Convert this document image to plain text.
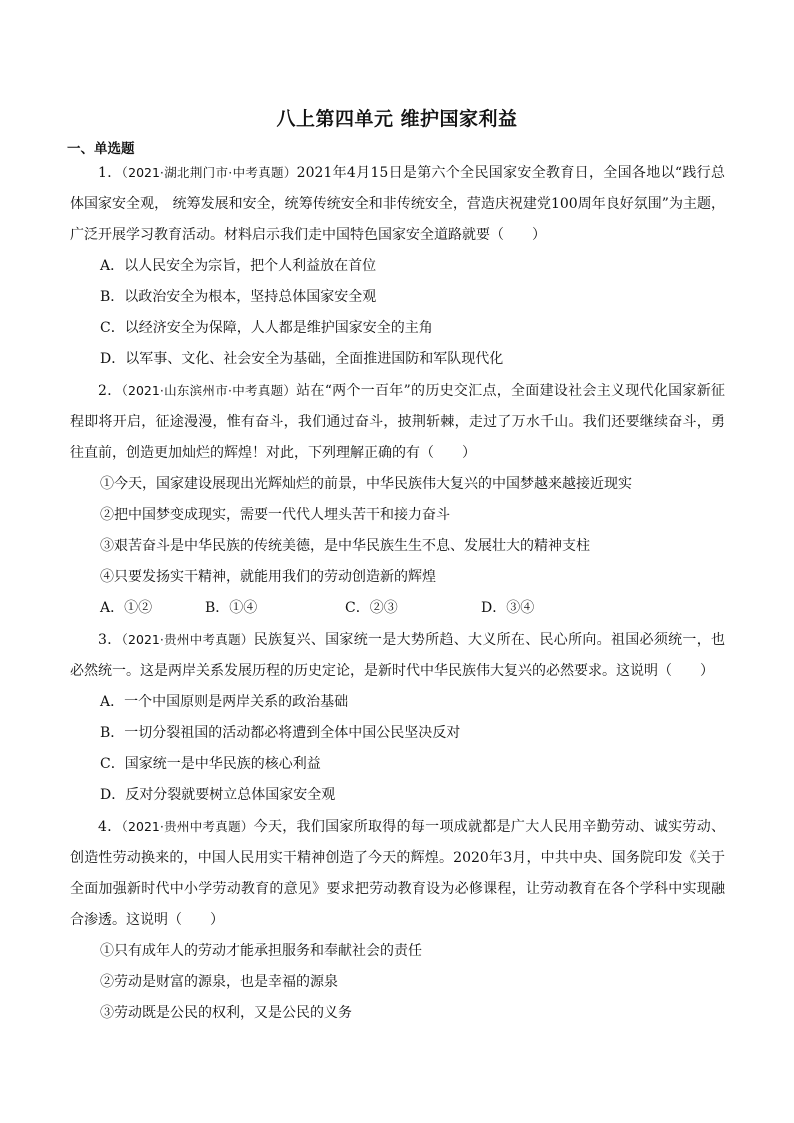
八上第四单元 维护国家利益
一、单选题

1．（2021·湖北荆门市·中考真题）2021年4月15日是第六个全民国家安全教育日，全国各地以“践行总体国家安全观， 统筹发展和安全，统筹传统安全和非传统安全，营造庆祝建党100周年良好氛围”为主题，广泛开展学习教育活动。材料启示我们走中国特色国家安全道路就要（　　）

A．以人民安全为宗旨，把个人利益放在首位

B．以政治安全为根本，坚持总体国家安全观

C．以经济安全为保障，人人都是维护国家安全的主角

D．以军事、文化、社会安全为基础，全面推进国防和军队现代化

2．（2021·山东滨州市·中考真题）站在“两个一百年”的历史交汇点，全面建设社会主义现代化国家新征程即将开启，征途漫漫，惟有奋斗，我们通过奋斗，披荆斩棘，走过了万水千山。我们还要继续奋斗，勇往直前，创造更加灿烂的辉煌！对此，下列理解正确的有（　　）

①今天，国家建设展现出光辉灿烂的前景，中华民族伟大复兴的中国梦越来越接近现实

②把中国梦变成现实，需要一代代人埋头苦干和接力奋斗

③艰苦奋斗是中华民族的传统美德，是中华民族生生不息、发展壮大的精神支柱

④只要发扬实干精神，就能用我们的劳动创造新的辉煌

A．①②	B．①④	C．②③	D．③④

3．（2021·贵州中考真题）民族复兴、国家统一是大势所趋、大义所在、民心所向。祖国必须统一，也必然统一。这是两岸关系发展历程的历史定论，是新时代中华民族伟大复兴的必然要求。这说明（　　）

A．一个中国原则是两岸关系的政治基础

B．一切分裂祖国的活动都必将遭到全体中国公民坚决反对

C．国家统一是中华民族的核心利益

D．反对分裂就要树立总体国家安全观

4．（2021·贵州中考真题）今天，我们国家所取得的每一项成就都是广大人民用辛勤劳动、诚实劳动、创造性劳动换来的，中国人民用实干精神创造了今天的辉煌。2020年3月，中共中央、国务院印发《关于全面加强新时代中小学劳动教育的意见》要求把劳动教育设为必修课程，让劳动教育在各个学科中实现融合渗透。这说明（　　）

①只有成年人的劳动才能承担服务和奉献社会的责任

②劳动是财富的源泉，也是幸福的源泉

③劳动既是公民的权利，又是公民的义务
